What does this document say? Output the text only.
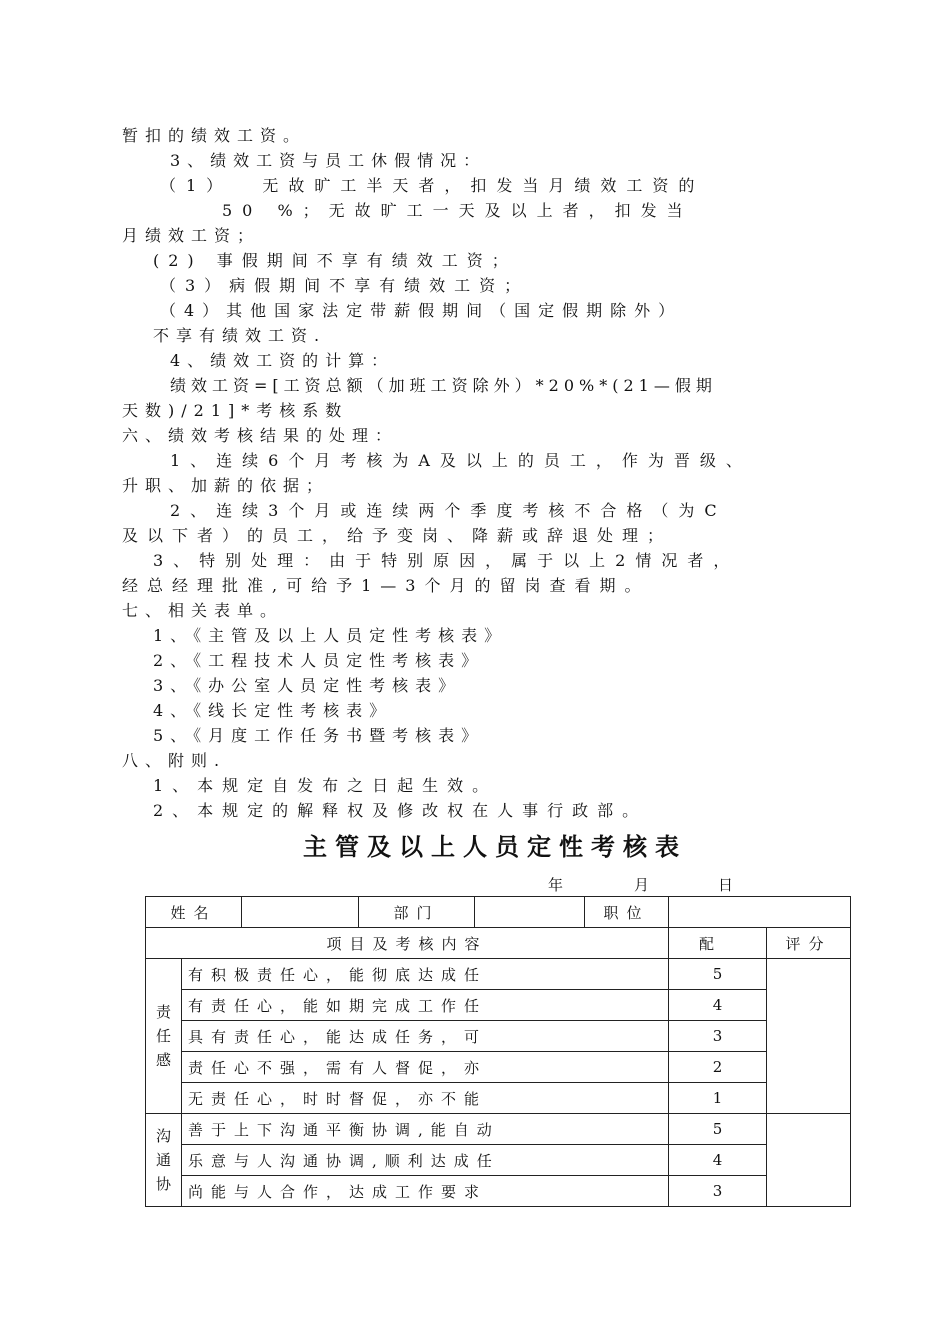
暂扣的绩效工资。
3、绩效工资与员工休假情况：
（1）  无故旷工半天者，扣发当月绩效工资的
50 %；无故旷工一天及以上者，扣发当
月绩效工资；
(2) 事假期间不享有绩效工资；
（3）病假期间不享有绩效工资；
（4）其他国家法定带薪假期间（国定假期除外）
不享有绩效工资.
4、绩效工资的计算：
绩效工资=[工资总额（加班工资除外）*20%*(21—假期
天数)/21]*考核系数
六、绩效考核结果的处理：
1、连续6个月考核为A及以上的员工，作为晋级、
升职、加薪的依据；
2、连续3个月或连续两个季度考核不合格（为C
及以下者）的员工，给予变岗、降薪或辞退处理；
3、特别处理：由于特别原因，属于以上2情况者，
经总经理批准,可给予1—3个月的留岗查看期。
七、相关表单。
1、《主管及以上人员定性考核表》
2、《工程技术人员定性考核表》
3、《办公室人员定性考核表》
4、《线长定性考核表》
5、《月度工作任务书暨考核表》
八、附则.
1、本规定自发布之日起生效。
2、本规定的解释权及修改权在人事行政部。
主管及以上人员定性考核表
年	月	日
姓名			部门		职位		
项目及考核内容						配	评分
责
任
感	有积极责任心，能彻底达成任					5	
	有责任心，能如期完成工作任					4	
	具有责任心，能达成任务，可					3	
	责任心不强，需有人督促，亦					2	
	无责任心，时时督促，亦不能					1	
沟
通
协	善于上下沟通平衡协调,能自动					5	
	乐意与人沟通协调,顺利达成任					4	
	尚能与人合作，达成工作要求					3	
